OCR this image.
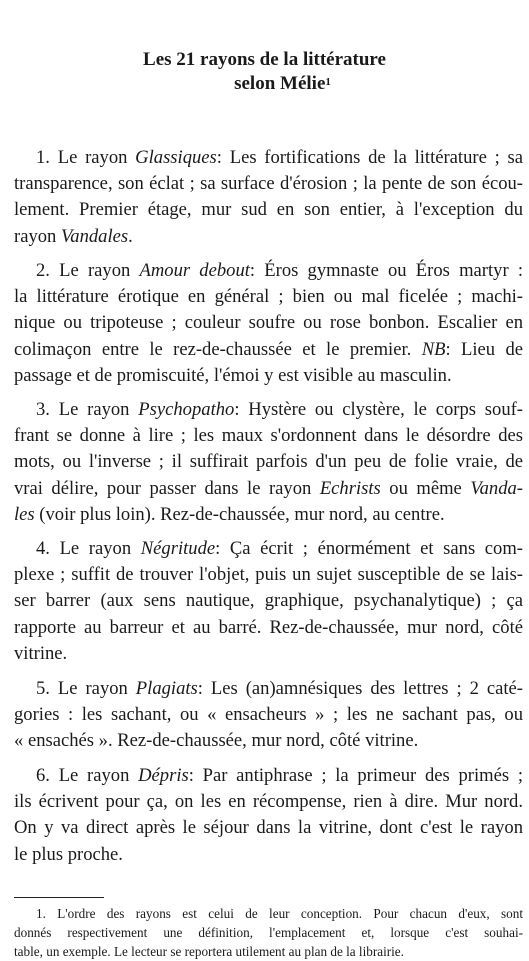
Les 21 rayons de la littérature
selon Mélie$^1$
1. Le rayon Glassiques: Les fortifications de la littérature ; sa
transparence, son éclat ; sa surface d'érosion ; la pente de son écou-
lement. Premier étage, mur sud en son entier, à l'exception du
rayon Vandales.
2. Le rayon Amour debout: Éros gymnaste ou Éros martyr :
la littérature érotique en général ; bien ou mal ficelée ; machi-
nique ou tripoteuse ; couleur soufre ou rose bonbon. Escalier en
colimaçon entre le rez-de-chaussée et le premier. NB: Lieu de
passage et de promiscuité, l'émoi y est visible au masculin.
3. Le rayon Psychopatho: Hystère ou clystère, le corps souf-
frant se donne à lire ; les maux s'ordonnent dans le désordre des
mots, ou l'inverse ; il suffirait parfois d'un peu de folie vraie, de
vrai délire, pour passer dans le rayon Echrists ou même Vanda-
les (voir plus loin). Rez-de-chaussée, mur nord, au centre.
4. Le rayon Négritude: Ça écrit ; énormément et sans com-
plexe ; suffit de trouver l'objet, puis un sujet susceptible de se lais-
ser barrer (aux sens nautique, graphique, psychanalytique) ; ça
rapporte au barreur et au barré. Rez-de-chaussée, mur nord, côté
vitrine.
5. Le rayon Plagiats: Les (an)amnésiques des lettres ; 2 caté-
gories : les sachant, ou « ensacheurs » ; les ne sachant pas, ou
« ensachés ». Rez-de-chaussée, mur nord, côté vitrine.
6. Le rayon Dépris: Par antiphrase ; la primeur des primés ;
ils écrivent pour ça, on les en récompense, rien à dire. Mur nord.
On y va direct après le séjour dans la vitrine, dont c'est le rayon
le plus proche.
1. L'ordre des rayons est celui de leur conception. Pour chacun d'eux, sont
donnés respectivement une définition, l'emplacement et, lorsque c'est souhai-
table, un exemple. Le lecteur se reportera utilement au plan de la librairie.
